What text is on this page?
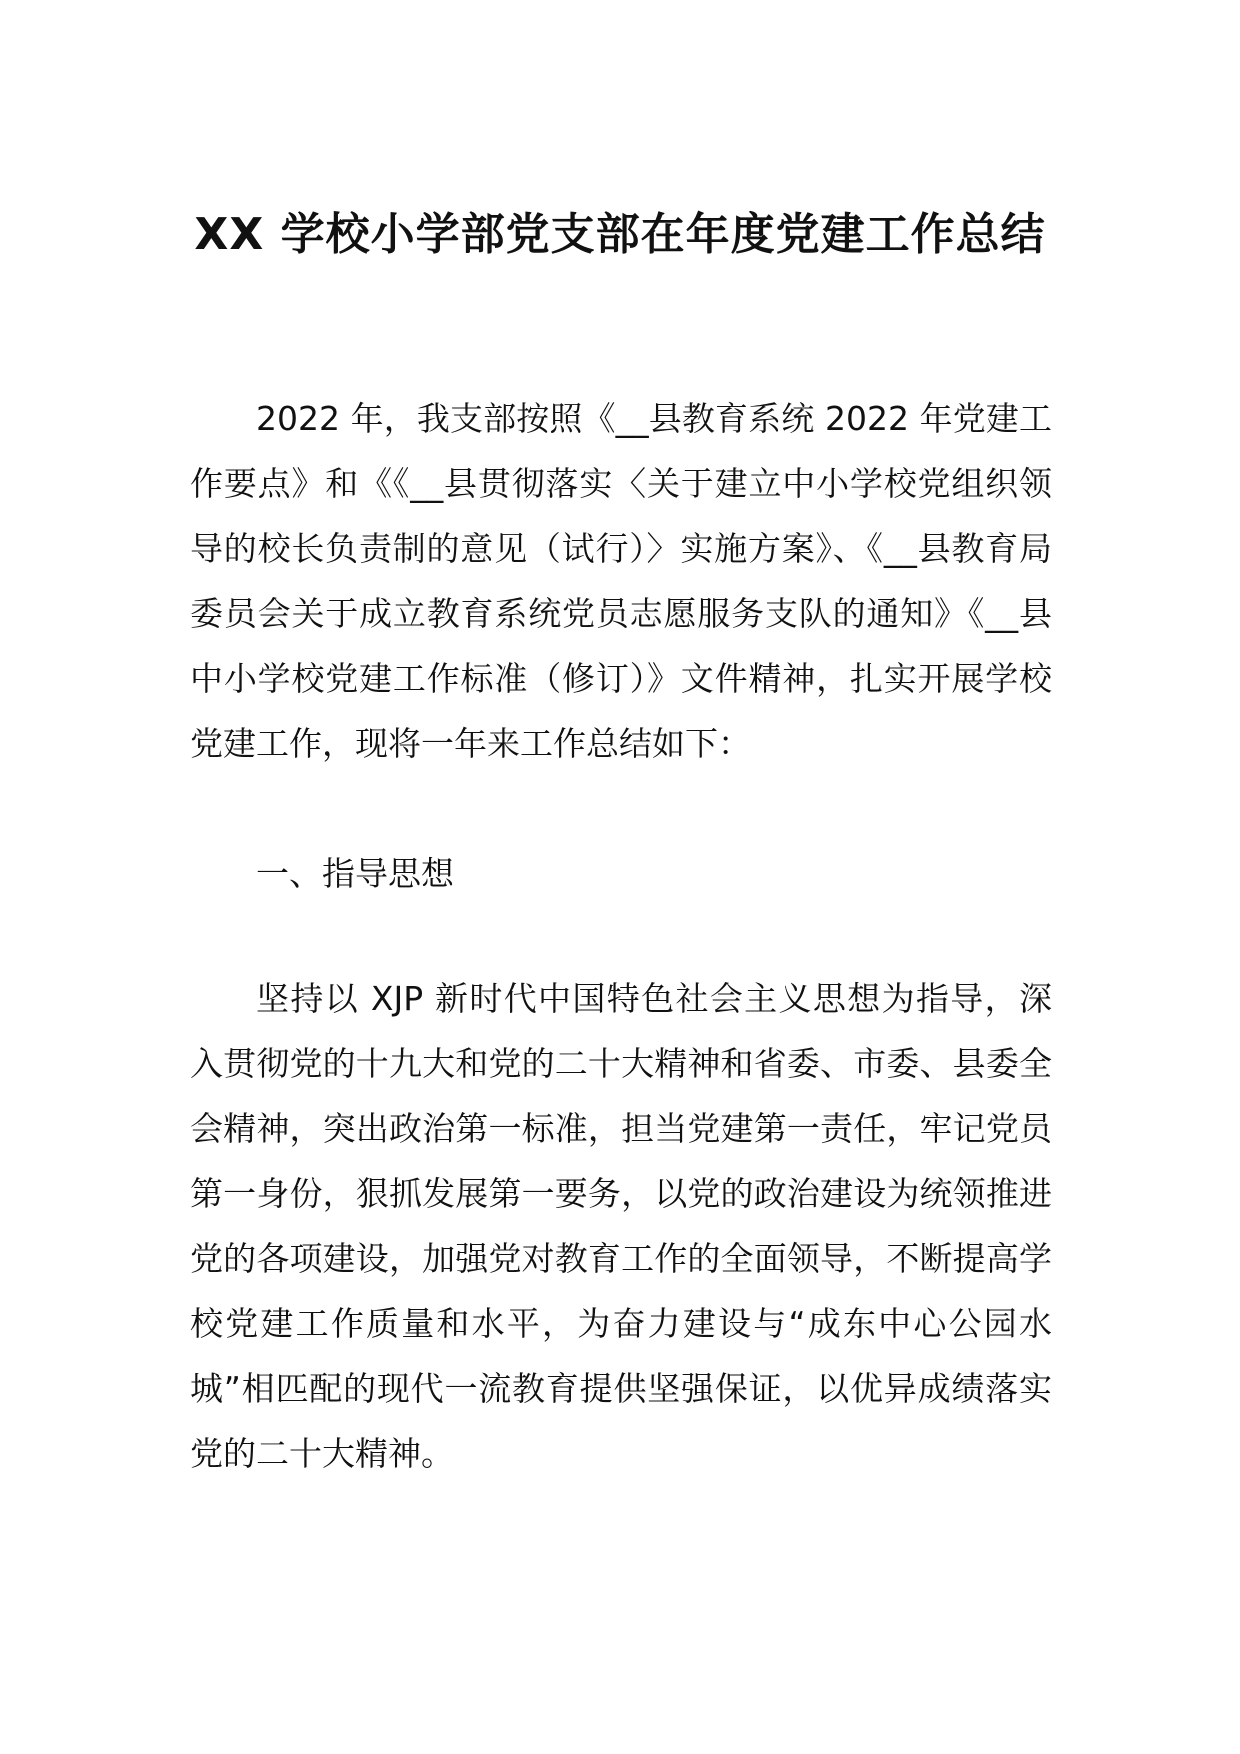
XX 学校小学部党支部在年度党建工作总结

2022 年，我支部按照《__县教育系统 2022 年党建工作要点》和《《__县贯彻落实〈关于建立中小学校党组织领导的校长负责制的意见（试行）〉实施方案》、《__县教育局委员会关于成立教育系统党员志愿服务支队的通知》《__县中小学校党建工作标准（修订）》文件精神，扎实开展学校党建工作，现将一年来工作总结如下：

一、指导思想

坚持以 XJP 新时代中国特色社会主义思想为指导，深入贯彻党的十九大和党的二十大精神和省委、市委、县委全会精神，突出政治第一标准，担当党建第一责任，牢记党员第一身份，狠抓发展第一要务，以党的政治建设为统领推进党的各项建设，加强党对教育工作的全面领导，不断提高学校党建工作质量和水平，为奋力建设与“成东中心公园水城”相匹配的现代一流教育提供坚强保证，以优异成绩落实党的二十大精神。
